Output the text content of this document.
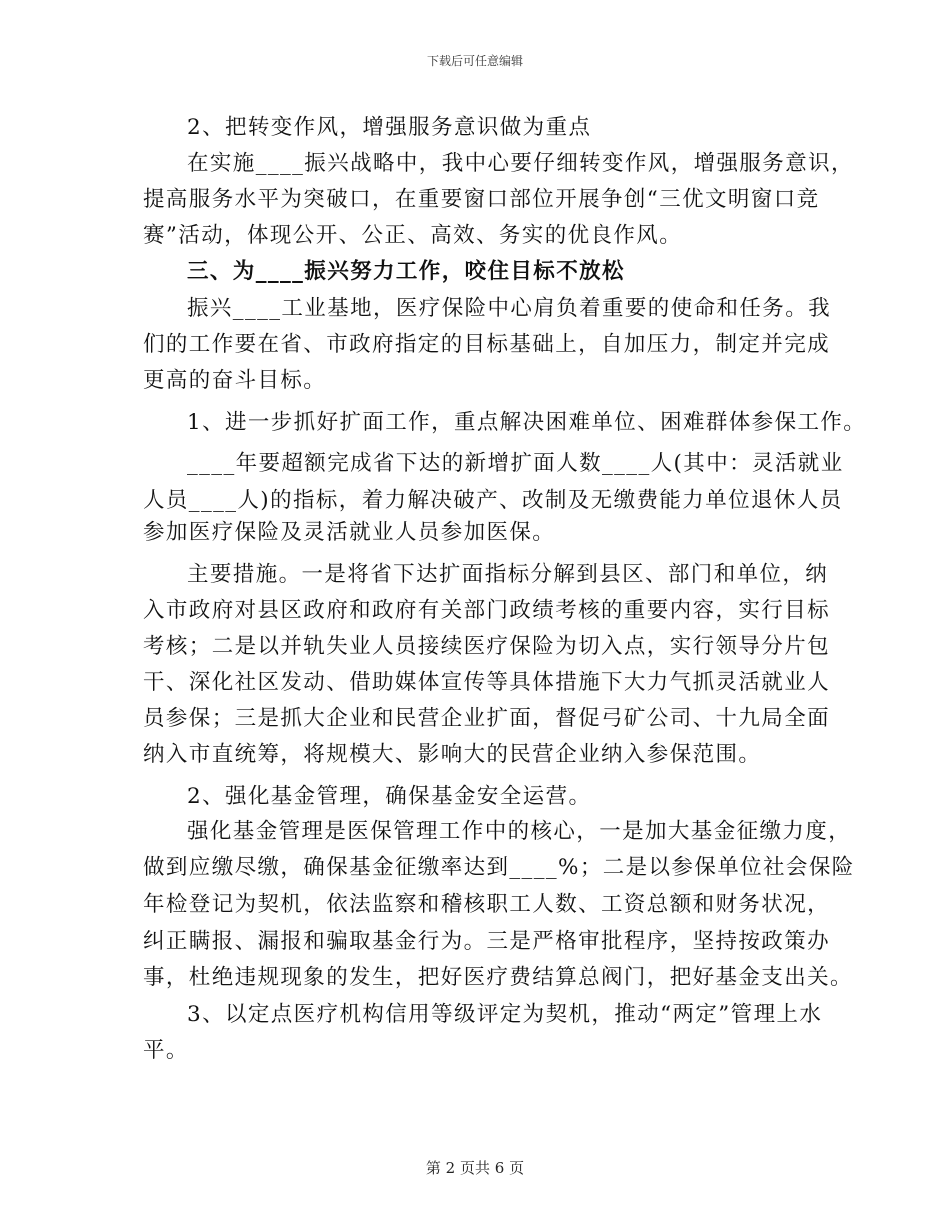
下载后可任意编辑
2、把转变作风，增强服务意识做为重点
在实施____振兴战略中，我中心要仔细转变作风，增强服务意识，
提高服务水平为突破口，在重要窗口部位开展争创“三优文明窗口竞
赛”活动，体现公开、公正、高效、务实的优良作风。
三、为____振兴努力工作，咬住目标不放松
振兴____工业基地，医疗保险中心肩负着重要的使命和任务。我
们的工作要在省、市政府指定的目标基础上，自加压力，制定并完成
更高的奋斗目标。
1、进一步抓好扩面工作，重点解决困难单位、困难群体参保工作。
____年要超额完成省下达的新增扩面人数____人(其中：灵活就业
人员____人)的指标，着力解决破产、改制及无缴费能力单位退休人员
参加医疗保险及灵活就业人员参加医保。
主要措施。一是将省下达扩面指标分解到县区、部门和单位，纳
入市政府对县区政府和政府有关部门政绩考核的重要内容，实行目标
考核；二是以并轨失业人员接续医疗保险为切入点，实行领导分片包
干、深化社区发动、借助媒体宣传等具体措施下大力气抓灵活就业人
员参保；三是抓大企业和民营企业扩面，督促弓矿公司、十九局全面
纳入市直统筹，将规模大、影响大的民营企业纳入参保范围。
2、强化基金管理，确保基金安全运营。
强化基金管理是医保管理工作中的核心，一是加大基金征缴力度，
做到应缴尽缴，确保基金征缴率达到____%；二是以参保单位社会保险
年检登记为契机，依法监察和稽核职工人数、工资总额和财务状况，
纠正瞒报、漏报和骗取基金行为。三是严格审批程序，坚持按政策办
事，杜绝违规现象的发生，把好医疗费结算总阀门，把好基金支出关。
3、以定点医疗机构信用等级评定为契机，推动“两定”管理上水
平。
第 2 页共 6 页
